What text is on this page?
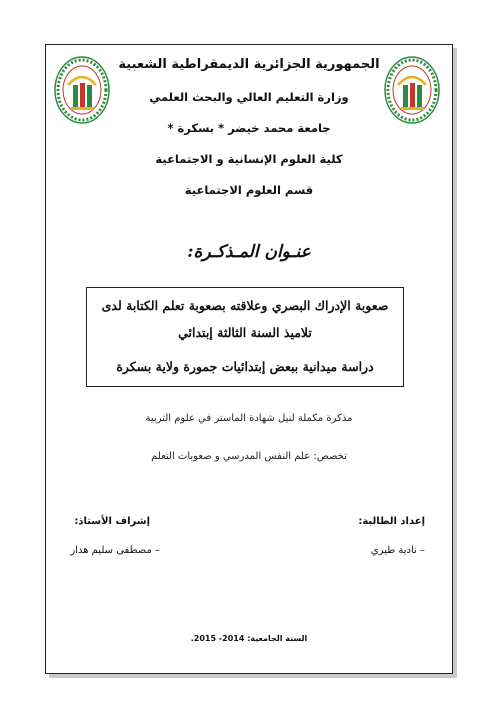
الجمهورية الجزائرية الديمقراطية الشعبية
وزارة التعليم العالي والبحث العلمي
جامعة محمد خيضر * بسكرة *
كلية العلوم الإنسانية و الاجتماعية
قسم العلوم الاجتماعية
عنـوان المـذكـرة:
صعوبة الإدراك البصري وعلاقته بصعوبة تعلم الكتابة لدى
تلاميذ السنة الثالثة إبتدائي
دراسة ميدانية ببعض إبتدائيات جمورة ولاية بسكرة
مذكرة مكملة لنيل شهادة الماستر في علوم التربية
تخصص: علم النفس المدرسي و صعوبات التعلم
إعداد الطالبة:
إشراف الأستاذ:
– نادية طيري
– مصطفى سليم هدار
السنة الجامعية: 2014- 2015.
